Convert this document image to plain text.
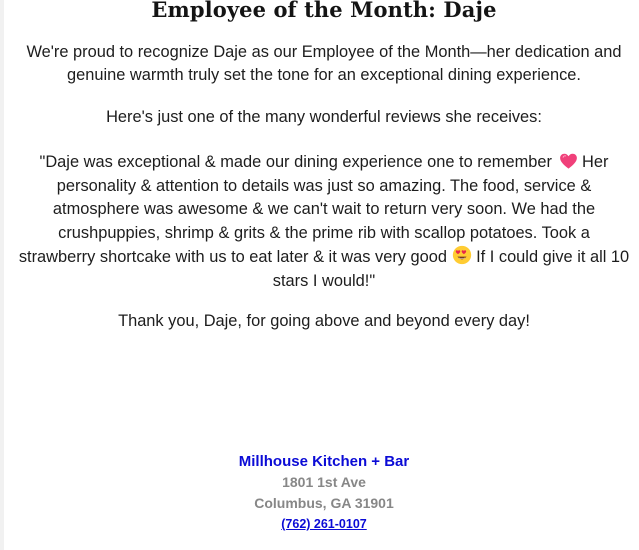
Employee of the Month: Daje

We're proud to recognize Daje as our Employee of the Month—her dedication and genuine warmth truly set the tone for an exceptional dining experience.

Here's just one of the many wonderful reviews she receives:

"Daje was exceptional & made our dining experience one to remember  Her personality & attention to details was just so amazing. The food, service & atmosphere was awesome & we can't wait to return very soon. We had the crushpuppies, shrimp & grits & the prime rib with scallop potatoes. Took a strawberry shortcake with us to eat later & it was very good  If I could give it all 10 stars I would!"

Thank you, Daje, for going above and beyond every day!

Millhouse Kitchen + Bar

1801 1st Ave

Columbus, GA 31901

(762) 261-0107
